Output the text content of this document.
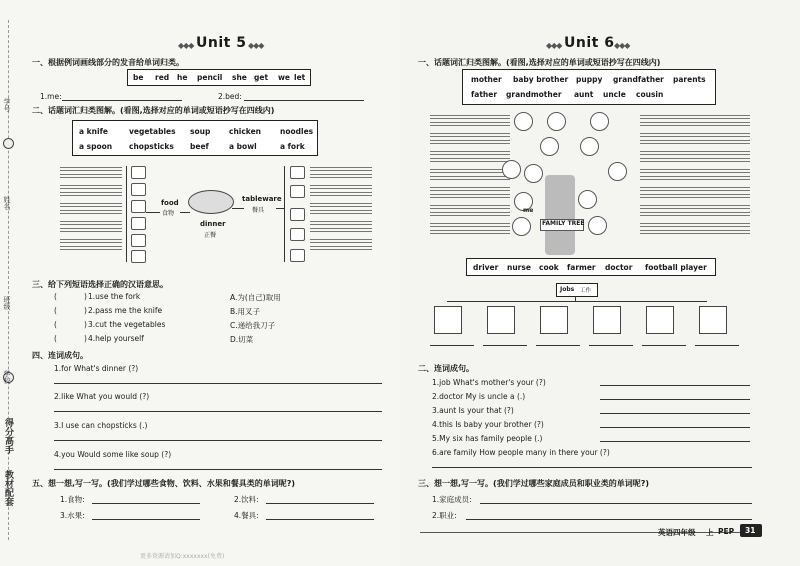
学号
姓名
班级
学校
得分高手
教材配套
◆◆◆ Unit 5 ◆◆◆
一、根据例词画线部分的发音给单词归类。
be red he pencil she get we let
1.me:	2.bed:
二、话题词汇归类图解。(看图,选择对应的单词或短语抄写在四线内)
a knife	vegetables soup chicken	noodles
a spoon chopsticks beef	a bowl	a fork
food
食物
dinner
正餐
tableware
餐具
三、给下列短语选择正确的汉语意思。
(	) 1.use the fork	A.为(自己)取用
(	) 2.pass me the knife	B.用叉子
(	) 3.cut the vegetables	C.递给我刀子
(	) 4.help yourself	D.切菜
四、连词成句。
1.for What's dinner (?)
2.like What you would (?)
3.I use can chopsticks (.)
4.you Would some like soup (?)
五、想一想,写一写。(我们学过哪些食物、饮料、水果和餐具类的单词呢?)
1.食物:	2.饮料:
3.水果:	4.餐具:
更多资源请加Q:xxxxxxx(免费)
◆◆◆ Unit 6 ◆◆◆
一、话题词汇归类图解。(看图,选择对应的单词或短语抄写在四线内)
mother baby brother puppy grandfather parents
father grandmother aunt uncle cousin
me
FAMILY TREE
driver nurse cook farmer doctor football player
Jobs 工作
二、连词成句。
1.job What's mother's your (?)
2.doctor My is uncle a (.)
3.aunt Is your that (?)
4.this Is baby your brother (?)
5.My six has family people (.)
6.are family How people many in there your (?)
三、想一想,写一写。(我们学过哪些家庭成员和职业类的单词呢?)
1.家庭成员:
2.职业:
英语四年级 上 PEP 31
